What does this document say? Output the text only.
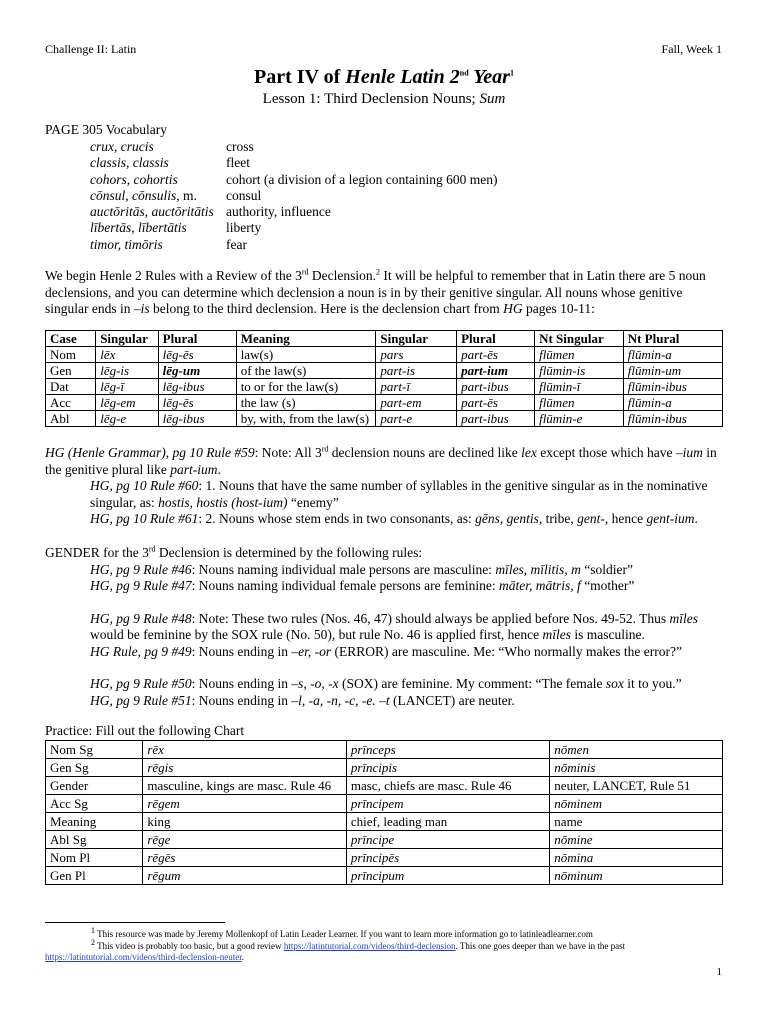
Challenge II: Latin	Fall, Week 1
Part IV of Henle Latin 2nd Year$^1$
Lesson 1: Third Declension Nouns; Sum
PAGE 305 Vocabulary
crux, crucis	cross
classis, classis	fleet
cohors, cohortis	cohort (a division of a legion containing 600 men)
cōnsul, cōnsulis, m.	consul
auctōritās, auctōritātis authority, influence
lībertās, lībertātis	liberty
timor, timōris	fear
We begin Henle 2 Rules with a Review of the 3rd Declension.$^2$ It will be helpful to remember that in Latin there are 5 noun declensions, and you can determine which declension a noun is in by their genitive singular. All nouns whose genitive singular ends in –is belong to the third declension. Here is the declension chart from HG pages 10-11:
Case	Singular	Plural	Meaning	Singular	Plural	Nt Singular	Nt Plural
Nom	lēx	lēg-ēs	law(s)	pars	part-ēs	flūmen	flūmin-a
Gen	lēg-is	lēg-um	of the law(s)	part-is	part-ium	flūmin-is	flūmin-um
Dat	lēg-ī	lēg-ibus	to or for the law(s)	part-ī	part-ibus	flūmin-ī	flūmin-ibus
Acc	lēg-em	lēg-ēs	the law (s)	part-em	part-ēs	flūmen	flūmin-a
Abl	lēg-e	lēg-ibus	by, with, from the law(s)	part-e	part-ibus	flūmin-e	flūmin-ibus
HG (Henle Grammar), pg 10 Rule #59: Note: All 3rd declension nouns are declined like lex except those which have –ium in the genitive plural like part-ium.
HG, pg 10 Rule #60: 1. Nouns that have the same number of syllables in the genitive singular as in the nominative singular, as: hostis, hostis (host-ium) “enemy”
HG, pg 10 Rule #61: 2. Nouns whose stem ends in two consonants, as: gēns, gentis, tribe, gent-, hence gent-ium.
GENDER for the 3rd Declension is determined by the following rules:
HG, pg 9 Rule #46: Nouns naming individual male persons are masculine: mīles, mīlitis, m “soldier”
HG, pg 9 Rule #47: Nouns naming individual female persons are feminine: māter, mātris, f “mother”
HG, pg 9 Rule #48: Note: These two rules (Nos. 46, 47) should always be applied before Nos. 49-52. Thus mīles would be feminine by the SOX rule (No. 50), but rule No. 46 is applied first, hence mīles is masculine.
HG Rule, pg 9 #49: Nouns ending in –er, -or (ERROR) are masculine. Me: “Who normally makes the error?”
HG, pg 9 Rule #50: Nouns ending in –s, -o, -x (SOX) are feminine. My comment: “The female sox it to you.”
HG, pg 9 Rule #51: Nouns ending in –l, -a, -n, -c, -e. –t (LANCET) are neuter.
Practice: Fill out the following Chart
Nom Sg	rēx	prīnceps	nōmen
Gen Sg	rēgis	prīncipis	nōminis
Gender	masculine, kings are masc. Rule 46	masc, chiefs are masc. Rule 46	neuter, LANCET, Rule 51
Acc Sg	rēgem	prīncipem	nōminem
Meaning	king	chief, leading man	name
Abl Sg	rēge	prīncipe	nōmine
Nom Pl	rēgēs	prīncipēs	nōmina
Gen Pl	rēgum	prīncipum	nōminum
$^1$ This resource was made by Jeremy Mollenkopf of Latin Leader Learner. If you want to learn more information go to latinleadlearner.com
$^2$ This video is probably too basic, but a good review https://latintutorial.com/videos/third-declension. This one goes deeper than we have in the past https://latintutorial.com/videos/third-declension-neuter.
1
